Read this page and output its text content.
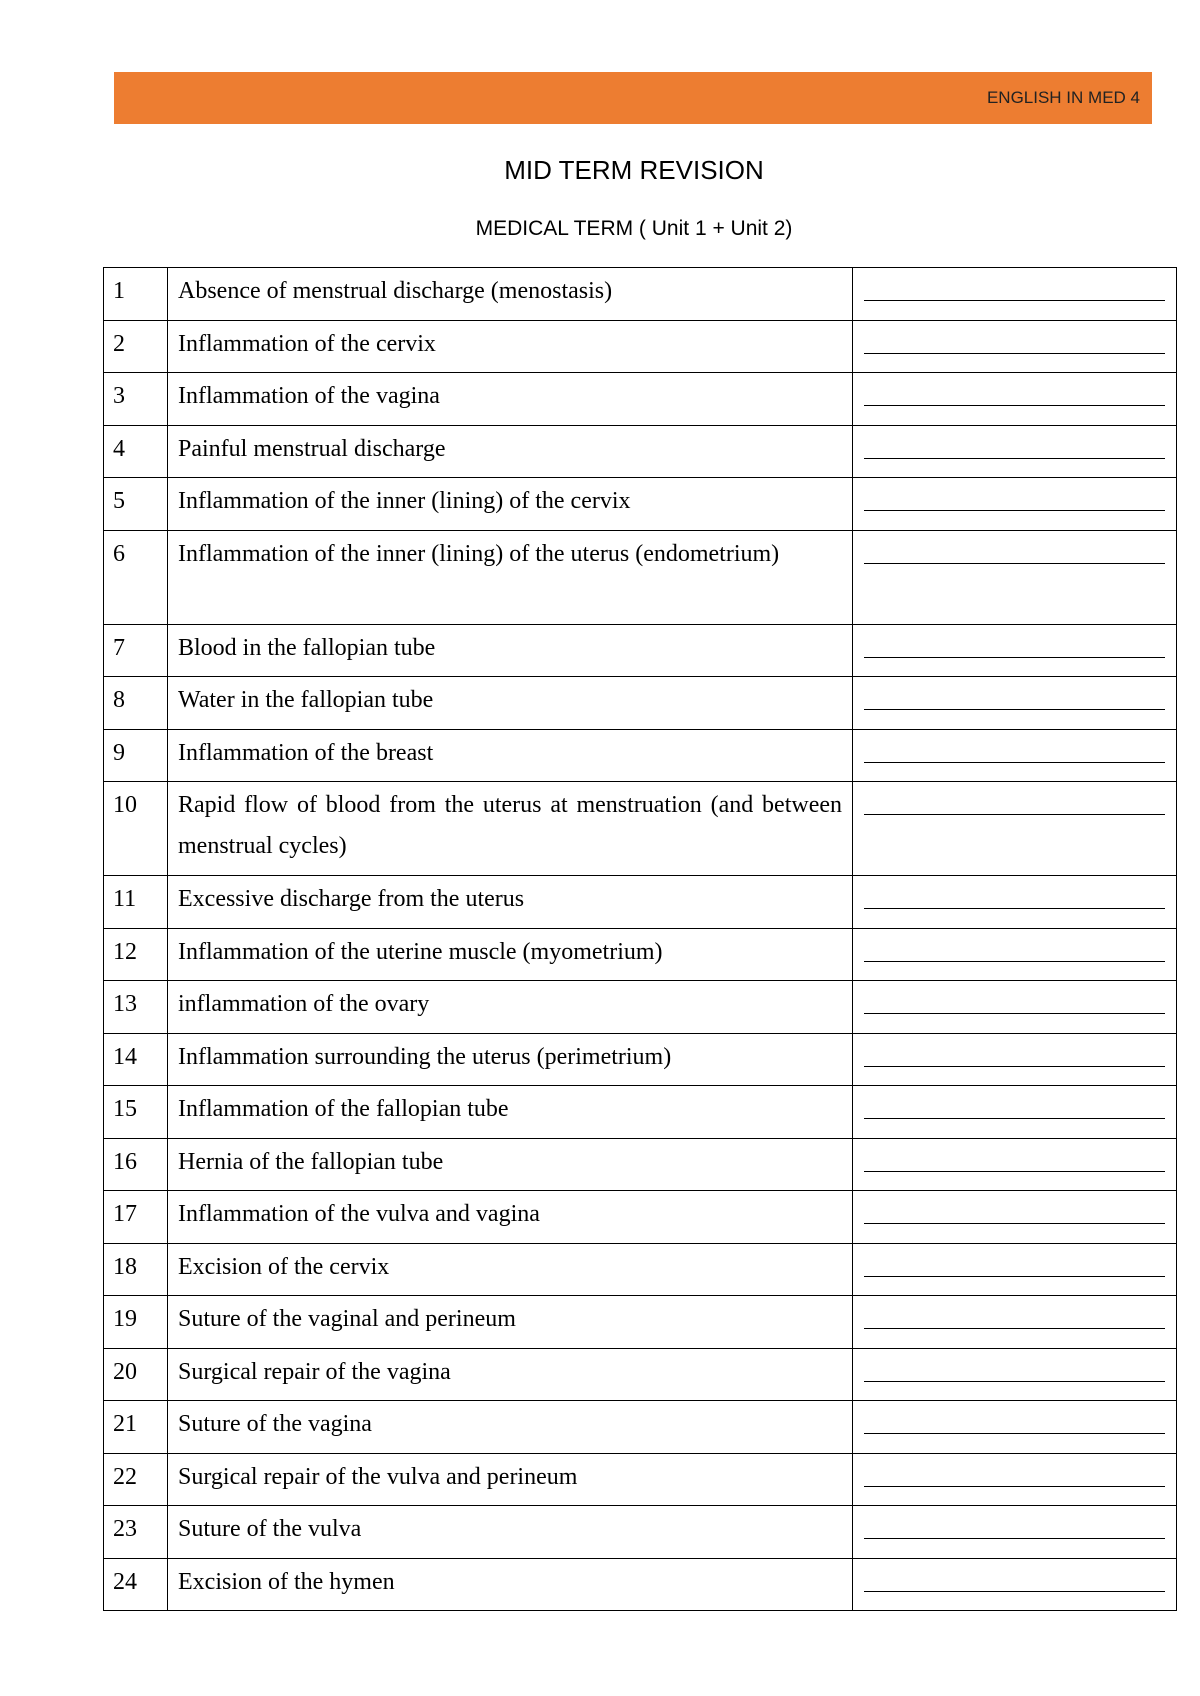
ENGLISH IN MED 4
MID TERM REVISION
MEDICAL TERM ( Unit 1 + Unit 2)
1	Absence of menstrual discharge (menostasis)	

2	Inflammation of the cervix	

3	Inflammation of the vagina	

4	Painful menstrual discharge	

5	Inflammation of the inner (lining) of the cervix	

6	Inflammation of the inner (lining) of the uterus (endometrium)	

7	Blood in the fallopian tube	

8	Water in the fallopian tube	

9	Inflammation of the breast	

10	Rapid flow of blood from the uterus at menstruation (and between menstrual cycles)	

11	Excessive discharge from the uterus	

12	Inflammation of the uterine muscle (myometrium)	

13	inflammation of the ovary	

14	Inflammation surrounding the uterus (perimetrium)	

15	Inflammation of the fallopian tube	

16	Hernia of the fallopian tube	

17	Inflammation of the vulva and vagina	

18	Excision of the cervix	

19	Suture of the vaginal and perineum	

20	Surgical repair of the vagina	

21	Suture of the vagina	

22	Surgical repair of the vulva and perineum	

23	Suture of the vulva	

24	Excision of the hymen	
